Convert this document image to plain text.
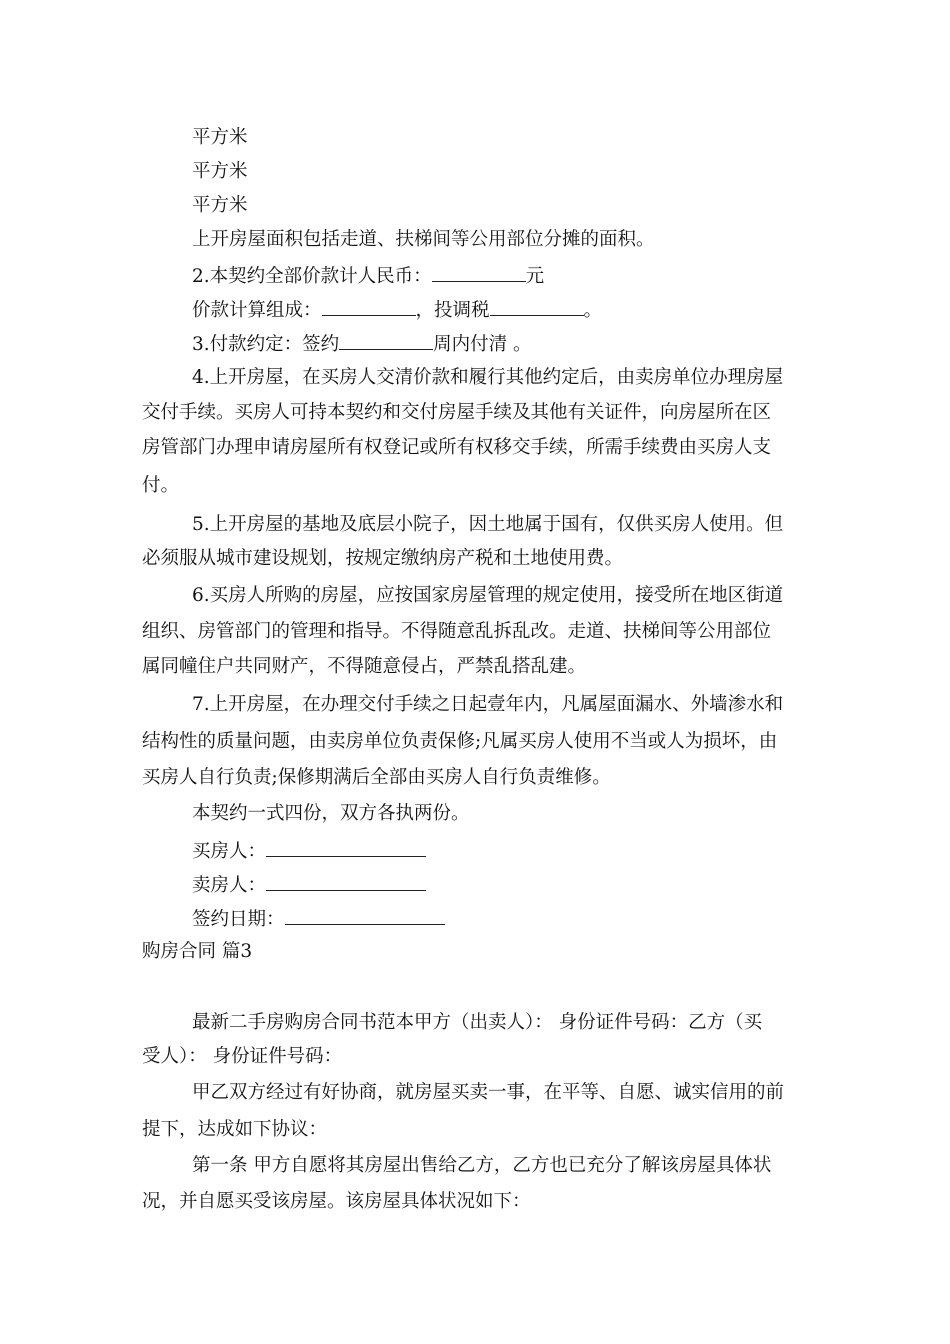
平方米
平方米
平方米
上开房屋面积包括走道、扶梯间等公用部位分摊的面积。
2.本契约全部价款计人民币：	元
价款计算组成：	，投调税	。
3.付款约定：签约	周内付清 。
4.上开房屋，在买房人交清价款和履行其他约定后，由卖房单位办理房屋
交付手续。买房人可持本契约和交付房屋手续及其他有关证件，向房屋所在区
房管部门办理申请房屋所有权登记或所有权移交手续，所需手续费由买房人支
付。
5.上开房屋的基地及底层小院子，因土地属于国有，仅供买房人使用。但
必须服从城市建设规划，按规定缴纳房产税和土地使用费。
6.买房人所购的房屋，应按国家房屋管理的规定使用，接受所在地区街道
组织、房管部门的管理和指导。不得随意乱拆乱改。走道、扶梯间等公用部位
属同幢住户共同财产，不得随意侵占，严禁乱搭乱建。
7.上开房屋，在办理交付手续之日起壹年内，凡属屋面漏水、外墙渗水和
结构性的质量问题，由卖房单位负责保修;凡属买房人使用不当或人为损坏，由
买房人自行负责;保修期满后全部由买房人自行负责维修。
本契约一式四份，双方各执两份。
买房人：
卖房人：
签约日期：
购房合同 篇3
最新二手房购房合同书范本甲方（出卖人）： 身份证件号码：乙方（买
受人）： 身份证件号码：
甲乙双方经过有好协商，就房屋买卖一事，在平等、自愿、诚实信用的前
提下，达成如下协议：
第一条 甲方自愿将其房屋出售给乙方，乙方也已充分了解该房屋具体状
况，并自愿买受该房屋。该房屋具体状况如下：
